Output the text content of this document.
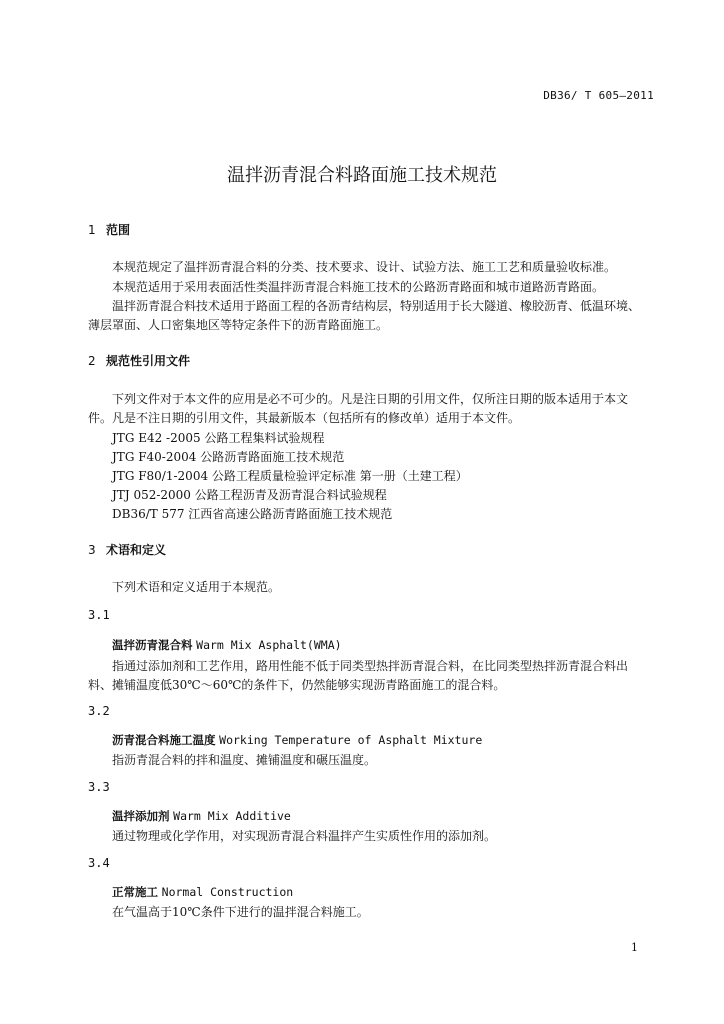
DB36/ T 605—2011
温拌沥青混合料路面施工技术规范
1 范围
本规范规定了温拌沥青混合料的分类、技术要求、设计、试验方法、施工工艺和质量验收标准。
本规范适用于采用表面活性类温拌沥青混合料施工技术的公路沥青路面和城市道路沥青路面。
温拌沥青混合料技术适用于路面工程的各沥青结构层，特别适用于长大隧道、橡胶沥青、低温环境、
薄层罩面、人口密集地区等特定条件下的沥青路面施工。
2 规范性引用文件
下列文件对于本文件的应用是必不可少的。凡是注日期的引用文件，仅所注日期的版本适用于本文
件。凡是不注日期的引用文件，其最新版本（包括所有的修改单）适用于本文件。
JTG E42 -2005 公路工程集料试验规程
JTG F40-2004 公路沥青路面施工技术规范
JTG F80/1-2004 公路工程质量检验评定标准 第一册（土建工程）
JTJ 052-2000 公路工程沥青及沥青混合料试验规程
DB36/T 577 江西省高速公路沥青路面施工技术规范
3 术语和定义
下列术语和定义适用于本规范。
3.1
温拌沥青混合料 Warm Mix Asphalt(WMA)
指通过添加剂和工艺作用，路用性能不低于同类型热拌沥青混合料，在比同类型热拌沥青混合料出
料、摊铺温度低30℃～60℃的条件下，仍然能够实现沥青路面施工的混合料。
3.2
沥青混合料施工温度 Working Temperature of Asphalt Mixture
指沥青混合料的拌和温度、摊铺温度和碾压温度。
3.3
温拌添加剂 Warm Mix Additive
通过物理或化学作用，对实现沥青混合料温拌产生实质性作用的添加剂。
3.4
正常施工 Normal Construction
在气温高于10℃条件下进行的温拌混合料施工。
1
